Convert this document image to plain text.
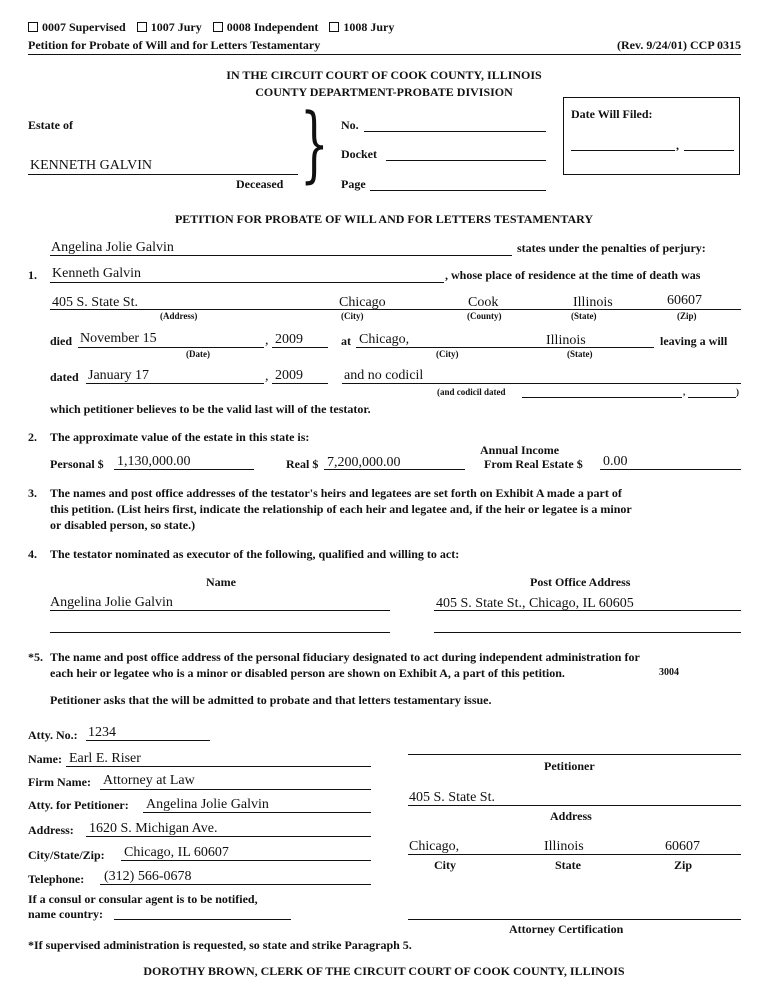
0007 Supervised 1007 Jury 0008 Independent 1008 Jury
Petition for Probate of Will and for Letters Testamentary	(Rev. 9/24/01) CCP 0315
IN THE CIRCUIT COURT OF COOK COUNTY, ILLINOIS
COUNTY DEPARTMENT-PROBATE DIVISION
Estate of
KENNETH GALVIN
Deceased } No.
Docket
Page
Date Will Filed:
,
PETITION FOR PROBATE OF WILL AND FOR LETTERS TESTAMENTARY
Angelina Jolie Galvin	states under the penalties of perjury:
1. Kenneth Galvin	, whose place of residence at the time of death was
405 S. State St.	Chicago	Cook	Illinois	60607
(Address)	(City)	(County)	(State)	(Zip)
died November 15	, 2009	at Chicago,	Illinois	leaving a will
(Date)	(City)	(State)
dated January 17	, 2009	and no codicil
(and codicil dated	,	)
which petitioner believes to be the valid last will of the testator.
2. The approximate value of the estate in this state is:
Annual Income
Personal $ 1,130,000.00	Real $ 7,200,000.00	From Real Estate $ 0.00
3. The names and post office addresses of the testator's heirs and legatees are set forth on Exhibit A made a part of
this petition. (List heirs first, indicate the relationship of each heir and legatee and, if the heir or legatee is a minor
or disabled person, so state.)
4. The testator nominated as executor of the following, qualified and willing to act:
Name	Post Office Address
Angelina Jolie Galvin	405 S. State St., Chicago, IL 60605
*5. The name and post office address of the personal fiduciary designated to act during independent administration for
each heir or legatee who is a minor or disabled person are shown on Exhibit A, a part of this petition.	3004
Petitioner asks that the will be admitted to probate and that letters testamentary issue.
Atty. No.: 1234
Name: Earl E. Riser
Firm Name: Attorney at Law
Atty. for Petitioner: Angelina Jolie Galvin
Address: 1620 S. Michigan Ave.
City/State/Zip: Chicago, IL 60607
Telephone: (312) 566-0678
If a consul or consular agent is to be notified,
name country:
Petitioner
405 S. State St.
Address
Chicago,	Illinois	60607
City	State	Zip
Attorney Certification
*If supervised administration is requested, so state and strike Paragraph 5.
DOROTHY BROWN, CLERK OF THE CIRCUIT COURT OF COOK COUNTY, ILLINOIS
